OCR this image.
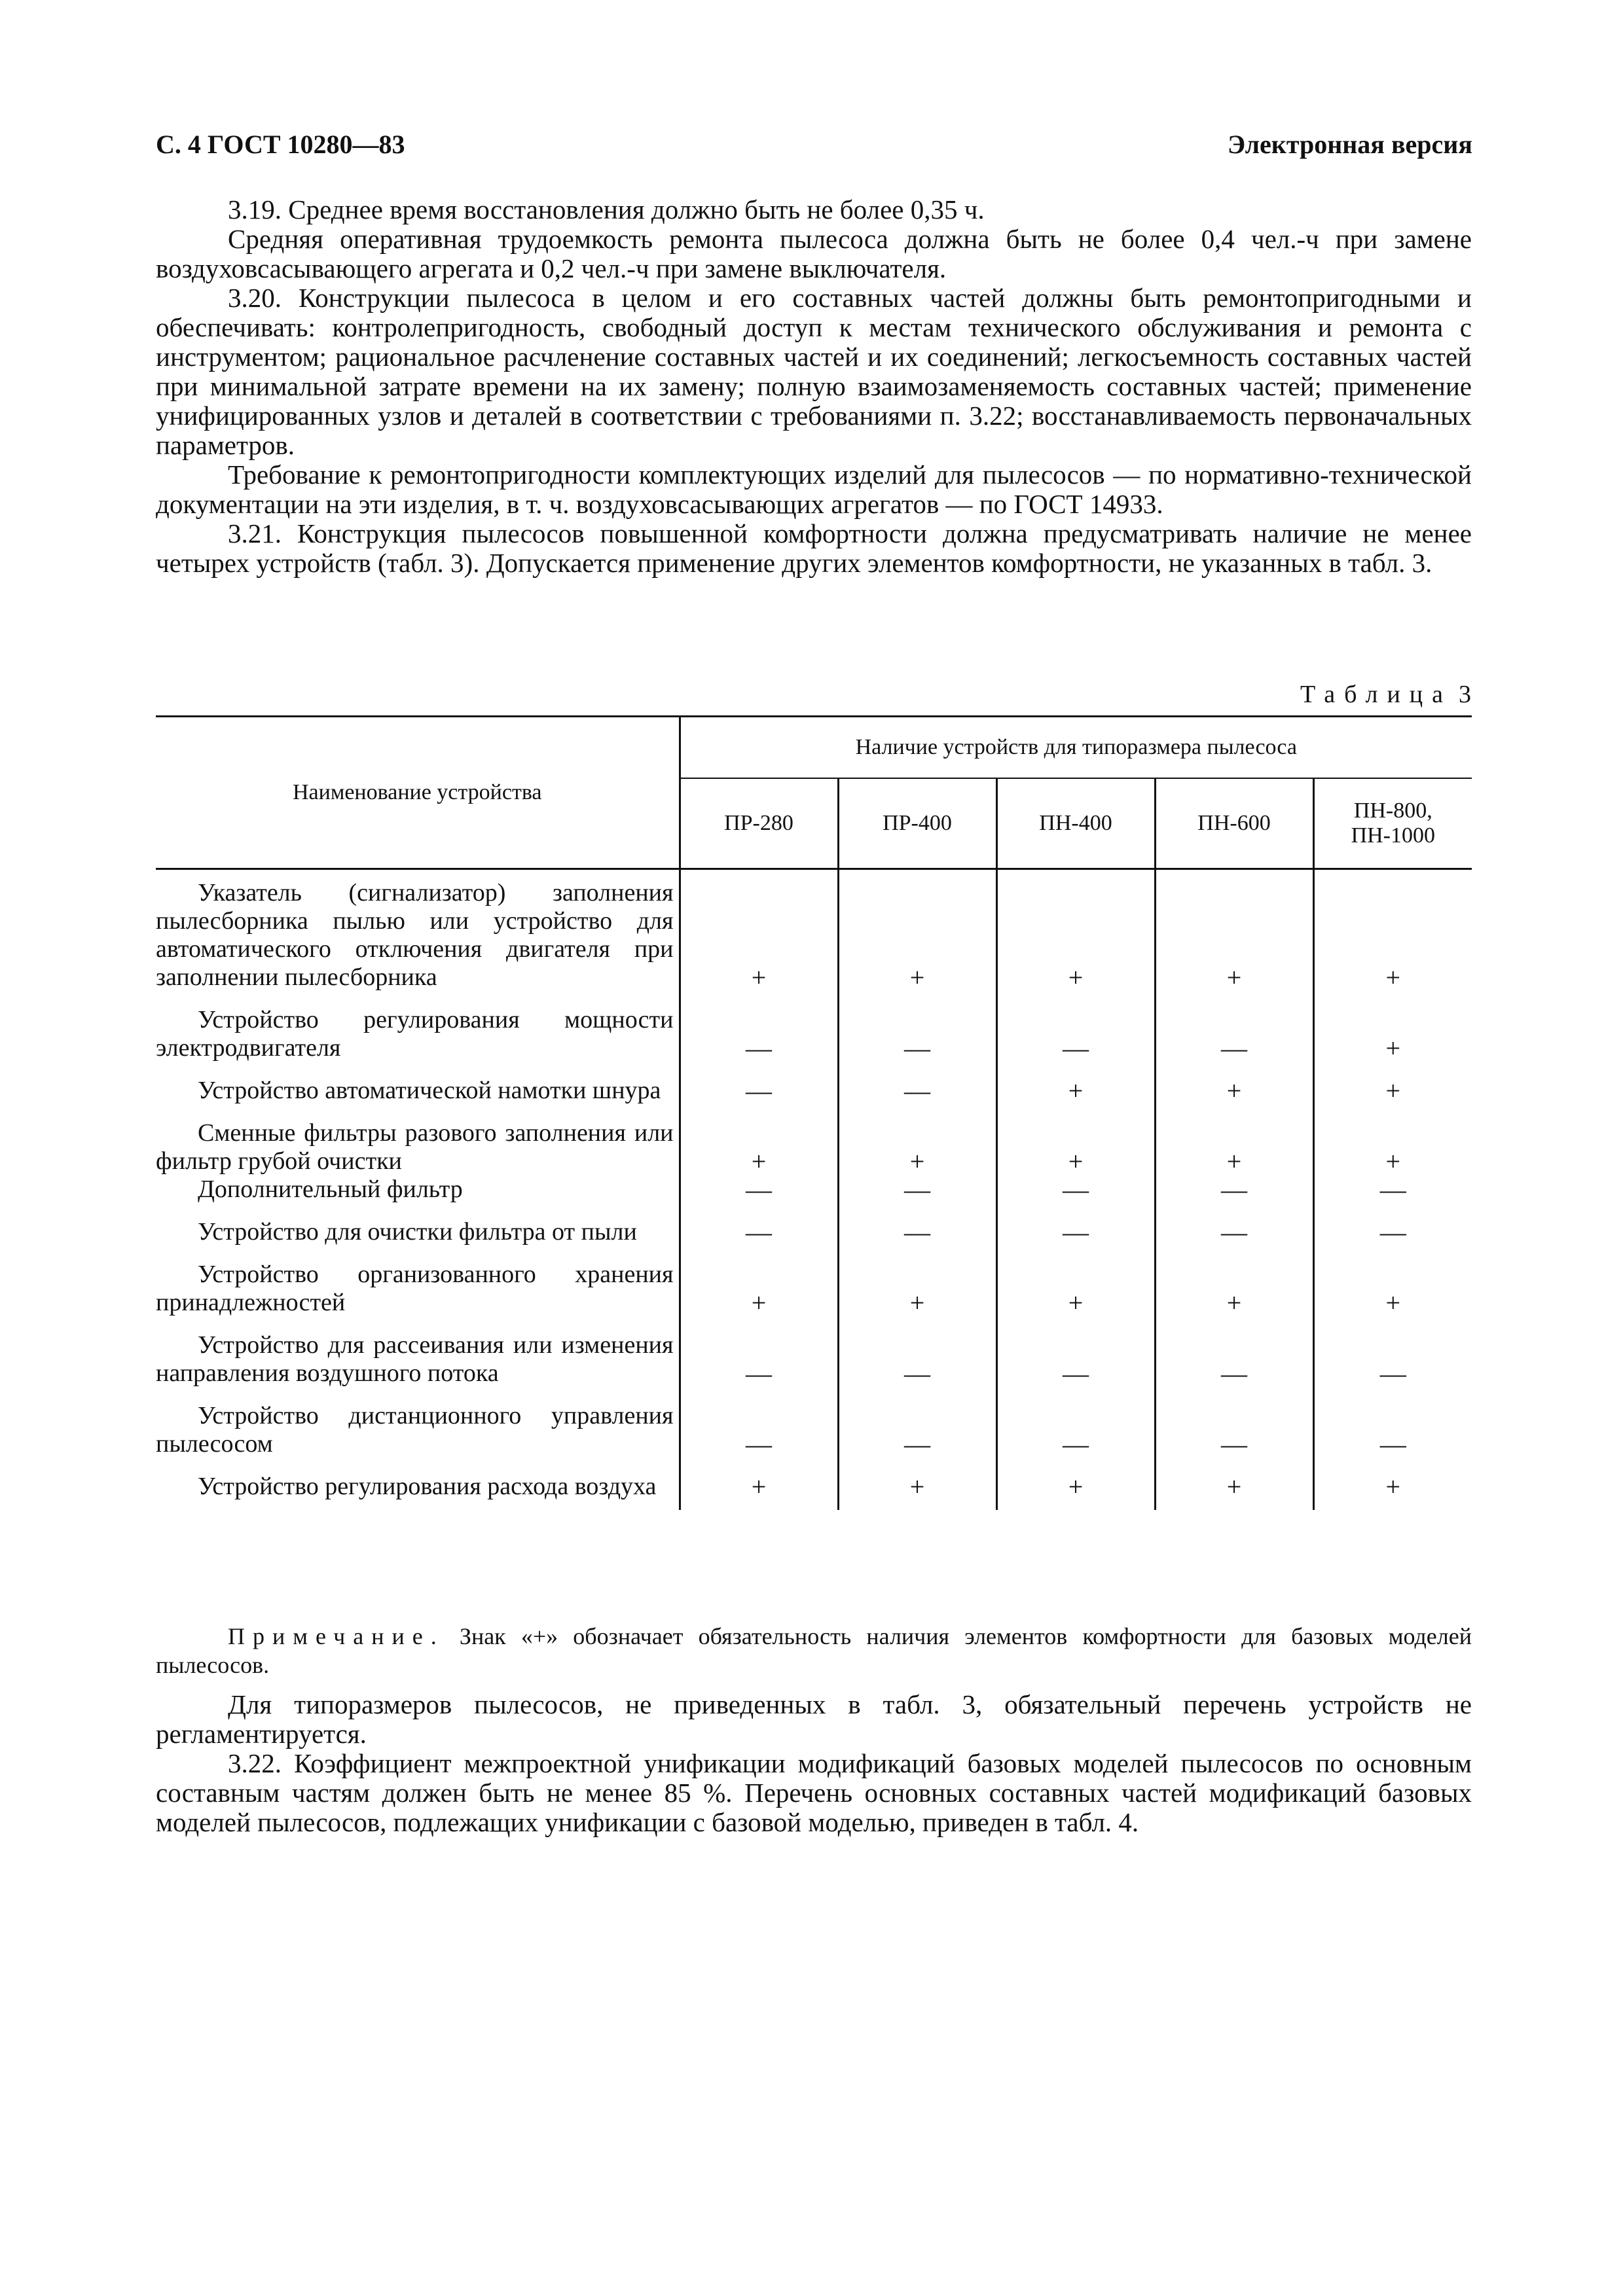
С. 4 ГОСТ 10280—83	Электронная версия

3.19. Среднее время восстановления должно быть не более 0,35 ч.

Средняя оперативная трудоемкость ремонта пылесоса должна быть не более 0,4 чел.-ч при замене воздуховсасывающего агрегата и 0,2 чел.-ч при замене выключателя.

3.20. Конструкции пылесоса в целом и его составных частей должны быть ремонтопригодными и обеспечивать: контролепригодность, свободный доступ к местам технического обслуживания и ремонта с инструментом; рациональное расчленение составных частей и их соединений; легкосъемность составных частей при минимальной затрате времени на их замену; полную взаимозаменяемость составных частей; применение унифицированных узлов и деталей в соответствии с требованиями п. 3.22; восстанавливаемость первоначальных параметров.

Требование к ремонтопригодности комплектующих изделий для пылесосов — по нормативно-технической документации на эти изделия, в т. ч. воздуховсасывающих агрегатов — по ГОСТ 14933.

3.21. Конструкция пылесосов повышенной комфортности должна предусматривать наличие не менее четырех устройств (табл. 3). Допускается применение других элементов комфортности, не указанных в табл. 3.

Таблица 3
Наименование устройства	Наличие устройств для типоразмера пылесоса				
	ПР-280	ПР-400	ПН-400	ПН-600	ПН-800,
ПН-1000
Указатель (сигнализатор) заполнения пылесборника пылью или устройство для автоматического отключения двигателя при заполнении пылесборника	+	+	+	+	+

Устройство регулирования мощности электродвигателя	—	—	—	—	+

Устройство автоматической намотки шнура	—	—	+	+	+

Сменные фильтры разового заполнения или фильтр грубой очистки	+	+	+	+	+
Дополнительный фильтр	—	—	—	—	—

Устройство для очистки фильтра от пыли	—	—	—	—	—

Устройство организованного хранения принадлежностей	+	+	+	+	+

Устройство для рассеивания или изменения направления воздушного потока	—	—	—	—	—

Устройство дистанционного управления пылесосом	—	—	—	—	—

Устройство регулирования расхода воздуха	+	+	+	+	+

Примечание. Знак «+» обозначает обязательность наличия элементов комфортности для базовых моделей пылесосов.

Для типоразмеров пылесосов, не приведенных в табл. 3, обязательный перечень устройств не регламентируется.

3.22. Коэффициент межпроектной унификации модификаций базовых моделей пылесосов по основным составным частям должен быть не менее 85 %. Перечень основных составных частей модификаций базовых моделей пылесосов, подлежащих унификации с базовой моделью, приведен в табл. 4.
